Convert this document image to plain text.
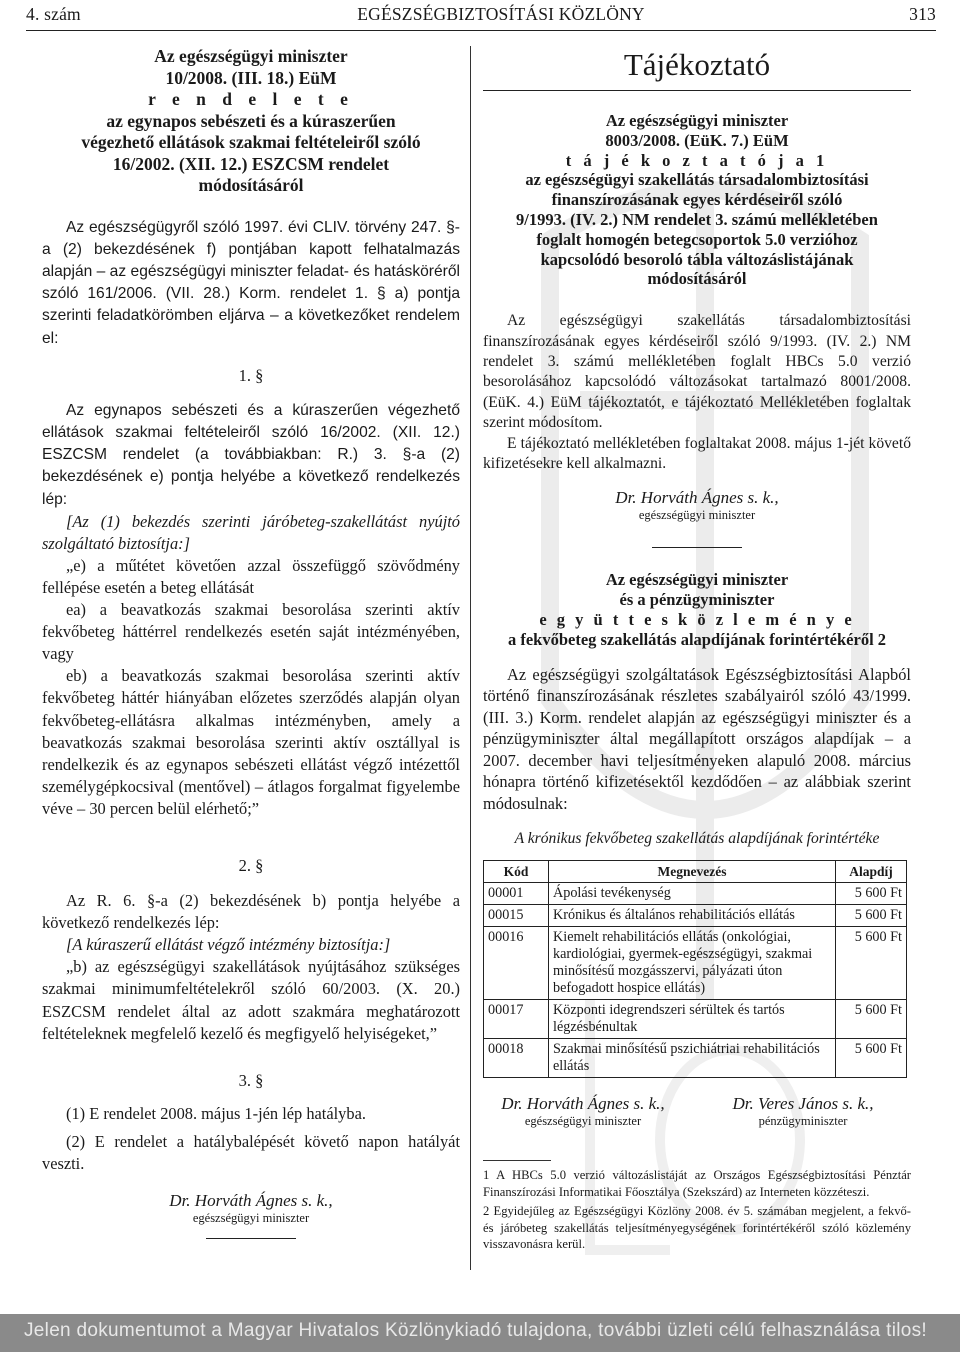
4. szám	EGÉSZSÉGBIZTOSÍTÁSI KÖZLÖNY	313
Az egészségügyi miniszter
10/2008. (III. 18.) EüM
r e n d e l e t e
az egynapos sebészeti és a kúraszerűen
végezhető ellátások szakmai feltételeiről szóló
16/2002. (XII. 12.) ESZCSM rendelet
módosításáról

Az egészségügyről szóló 1997. évi CLIV. törvény 247. §-a (2) bekezdésének f) pontjában kapott felhatalmazás alapján – az egészségügyi miniszter feladat- és hatásköréről szóló 161/2006. (VII. 28.) Korm. rendelet 1. § a) pontja szerinti feladatkörömben eljárva – a következőket rendelem el:

1. §

Az egynapos sebészeti és a kúraszerűen végezhető ellátások szakmai feltételeiről szóló 16/2002. (XII. 12.) ESZCSM rendelet (a továbbiakban: R.) 3. §-a (2) bekezdésének e) pontja helyébe a következő rendelkezés lép:

[Az (1) bekezdés szerinti járóbeteg-szakellátást nyújtó szolgáltató biztosítja:]

„e) a műtétet követően azzal összefüggő szövődmény fellépése esetén a beteg ellátását

ea) a beavatkozás szakmai besorolása szerinti aktív fekvőbeteg háttérrel rendelkezés esetén saját intézményében, vagy

eb) a beavatkozás szakmai besorolása szerinti aktív fekvőbeteg háttér hiányában előzetes szerződés alapján olyan fekvőbeteg-ellátásra alkalmas intézményben, amely a beavatkozás szakmai besorolása szerinti aktív osztállyal is rendelkezik és az egynapos sebészeti ellátást végző intézettől személygépkocsival (mentővel) – átlagos forgalmat figyelembe véve – 30 percen belül elérhető;”

2. §

Az R. 6. §-a (2) bekezdésének b) pontja helyébe a következő rendelkezés lép:

[A kúraszerű ellátást végző intézmény biztosítja:]

„b) az egészségügyi szakellátások nyújtásához szükséges szakmai minimumfeltételekről szóló 60/2003. (X. 20.) ESZCSM rendelet által az adott szakmára meghatározott feltételeknek megfelelő kezelő és megfigyelő helyiségeket,”

3. §

(1) E rendelet 2008. május 1-jén lép hatályba.

(2) E rendelet a hatálybalépését követő napon hatályát veszti.

Dr. Horváth Ágnes s. k.,

egészségügyi miniszter

Tájékoztató
Az egészségügyi miniszter
8003/2008. (EüK. 7.) EüM
t á j é k o z t a t ó j a 1
az egészségügyi szakellátás társadalombiztosítási
finanszírozásának egyes kérdéseiről szóló
9/1993. (IV. 2.) NM rendelet 3. számú mellékletében
foglalt homogén betegcsoportok 5.0 verzióhoz
kapcsolódó besoroló tábla változáslistájának
módosításáról

Az egészségügyi szakellátás társadalombiztosítási finanszírozásának egyes kérdéseiről szóló 9/1993. (IV. 2.) NM rendelet 3. számú mellékletében foglalt HBCs 5.0 verzió besorolásához kapcsolódó változásokat tartalmazó 8001/2008. (EüK. 4.) EüM tájékoztatót, e tájékoztató Mellékletében foglaltak szerint módosítom.

E tájékoztató mellékletében foglaltakat 2008. május 1-jét követő kifizetésekre kell alkalmazni.

Dr. Horváth Ágnes s. k.,

egészségügyi miniszter

Az egészségügyi miniszter
és a pénzügyminiszter
e g y ü t t e s k ö z l e m é n y e
a fekvőbeteg szakellátás alapdíjának forintértékéről 2

Az egészségügyi szolgáltatások Egészségbiztosítási Alapból történő finanszírozásának részletes szabályairól szóló 43/1999. (III. 3.) Korm. rendelet alapján az egészségügyi miniszter és a pénzügyminiszter által megállapított országos alapdíjak – a 2007. december havi teljesítményeken alapuló 2008. március hónapra történő kifizetésektől kezdődően – az alábbiak szerint módosulnak:

A krónikus fekvőbeteg szakellátás alapdíjának forintértéke

Kód	Megnevezés	Alapdíj
00001	Ápolási tevékenység	5 600 Ft
00015	Krónikus és általános rehabilitációs ellátás	5 600 Ft
00016	Kiemelt rehabilitációs ellátás (onkológiai, kardiológiai, gyermek-egészségügyi, szakmai minősítésű mozgásszervi, pályázati úton befogadott hospice ellátás)	5 600 Ft
00017	Központi idegrendszeri sérültek és tartós légzésbénultak	5 600 Ft
00018	Szakmai minősítésű pszichiátriai rehabilitációs ellátás	5 600 Ft

Dr. Horváth Ágnes s. k.,

egészségügyi miniszter

Dr. Veres János s. k.,

pénzügyminiszter

1 A HBCs 5.0 verzió változáslistáját az Országos Egészségbiztosítási Pénztár Finanszírozási Informatikai Főosztálya (Szekszárd) az Interneten közzéteszi.

2 Egyidejűleg az Egészségügyi Közlöny 2008. év 5. számában megjelent, a fekvő- és járóbeteg szakellátás teljesítményegységének forintértékéről szóló közlemény visszavonásra kerül.

Jelen dokumentumot a Magyar Hivatalos Közlönykiadó tulajdona, további üzleti célú felhasználása tilos!
